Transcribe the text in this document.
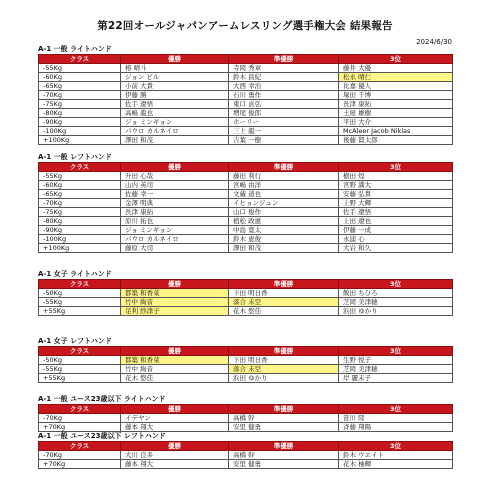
第22回オールジャパンアームレスリング選手権大会 結果報告
2024/6/30
A-1 一般 ライトハンド
クラス	優勝	準優勝	3位
-55Kg	椿 晴斗	寺岡 秀章	藤井 大優
-60Kg	ジョン ビル	鈴木 昌紀	松永 晴仁
-65Kg	小前 大貴	大西 幸治	比嘉 優人
-70Kg	伊藤 勝	石川 勇作	塚田 千博
-75Kg	佐手 遼悟	東口 貢弘	長津 康拓
-80Kg	高嶋 龍也	増尾 俊郎	土屋 雄樹
-90Kg	ジョ ミンギョン	ホーリー	平田 大介
-100Kg	パウロ カルネイロ	三上 龍一	McAleer Jacob Niklas
+100Kg	澤田 和茂	吉葉 一樹	後藤 賢太郎
A-1 一般 レフトハンド
クラス	優勝	準優勝	3位
-55Kg	升田 心哉	藤田 利行	樹田 煌
-60Kg	山内 英司	宮嶋 由洋	宮野 満大
-65Kg	佐藤 幸一	文蔵 道也	安藤 弘貴
-70Kg	金澤 明典	イヒョンジュン	上野 大輝
-75Kg	長津 康拓	山口 俊作	佐手 遼悟
-80Kg	原川 拓也	植松 政憲	上田 遼也
-90Kg	ジョ ミンギョン	中島 寛太	伊藤 一成
-100Kg	パウロ カルネイロ	鈴木 恵俊	永浦 心
+100Kg	藤原 大司	澤田 和茂	大岩 和久
A-1 女子 ライトハンド
クラス	優勝	準優勝	3位
-50Kg	都築 和香菜	下田 明日香	飯田 ちひろ
-55Kg	竹中 絢音	落合 未空	芝岡 美津穂
+55Kg	足利 紗津子	花木 悠佳	浜田 ゆかり
A-1 女子 レフトハンド
クラス	優勝	準優勝	3位
-50Kg	都築 和香菜	下田 明日香	生野 悦子
-55Kg	竹中 絢音	落合 未空	芝岡 美津穂
+55Kg	花木 悠佳	浜田 ゆかり	岸 麗未子
A-1 一般 ユース23歳以下 ライトハンド
クラス	優勝	準優勝	3位
-70Kg	イデヤン	高橋 幹	笹川 陸
+70Kg	藤本 翔大	安里 健勇	斉藤 翔陽
A-1 一般 ユース23歳以下 レフトハンド
クラス	優勝	準優勝	3位
-70Kg	大川 良多	高橋 幹	鈴木 ウエイト
+70Kg	藤本 翔大	安里 健勇	花木 柚輝
